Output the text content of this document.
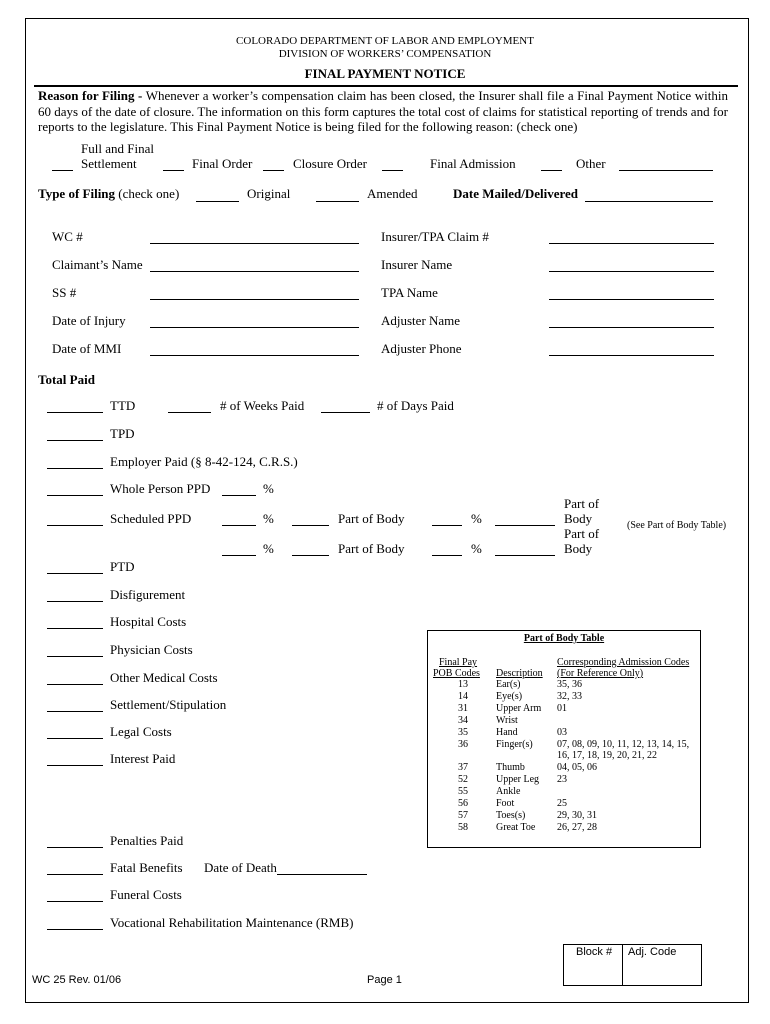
COLORADO DEPARTMENT OF LABOR AND EMPLOYMENT
DIVISION OF WORKERS’ COMPENSATION
FINAL PAYMENT NOTICE
Reason for Filing - Whenever a worker’s compensation claim has been closed, the Insurer shall file a Final Payment Notice within 60 days of the date of closure. The information on this form captures the total cost of claims for statistical reporting of trends and for reports to the legislature. This Final Payment Notice is being filed for the following reason: (check one)
Full and Final
Settlement	Final Order	Closure Order	Final Admission	Other
Type of Filing (check one)	Original	Amended	Date Mailed/Delivered
WC #
Claimant’s Name
SS #
Date of Injury
Date of MMI
Insurer/TPA Claim #
Insurer Name
TPA Name
Adjuster Name
Adjuster Phone
Total Paid
TTD	# of Weeks Paid	# of Days Paid
TPD
Employer Paid (§ 8-42-124, C.R.S.)
Whole Person PPD	%
Scheduled PPD	%	Part of Body	%
Part of
Body	(See Part of Body Table)
%	Part of Body	%
Part of
Body
PTD
Disfigurement
Hospital Costs
Physician Costs
Other Medical Costs
Settlement/Stipulation
Legal Costs
Interest Paid
Penalties Paid
Fatal Benefits Date of Death
Funeral Costs
Vocational Rehabilitation Maintenance (RMB)
Part of Body Table
Final Pay
POB Codes Description
Corresponding Admission Codes
(For Reference Only)
13	Ear(s)	35, 36
14	Eye(s)	32, 33
31	Upper Arm 01
34	Wrist
35	Hand	03
36	Finger(s) 07, 08, 09, 10, 11, 12, 13, 14, 15,
16, 17, 18, 19, 20, 21, 22
37	Thumb	04, 05, 06
52	Upper Leg 23
55	Ankle
56	Foot	25
57	Toes(s)	29, 30, 31
58	Great Toe 26, 27, 28
WC 25 Rev. 01/06	Page 1
Block # Adj. Code
